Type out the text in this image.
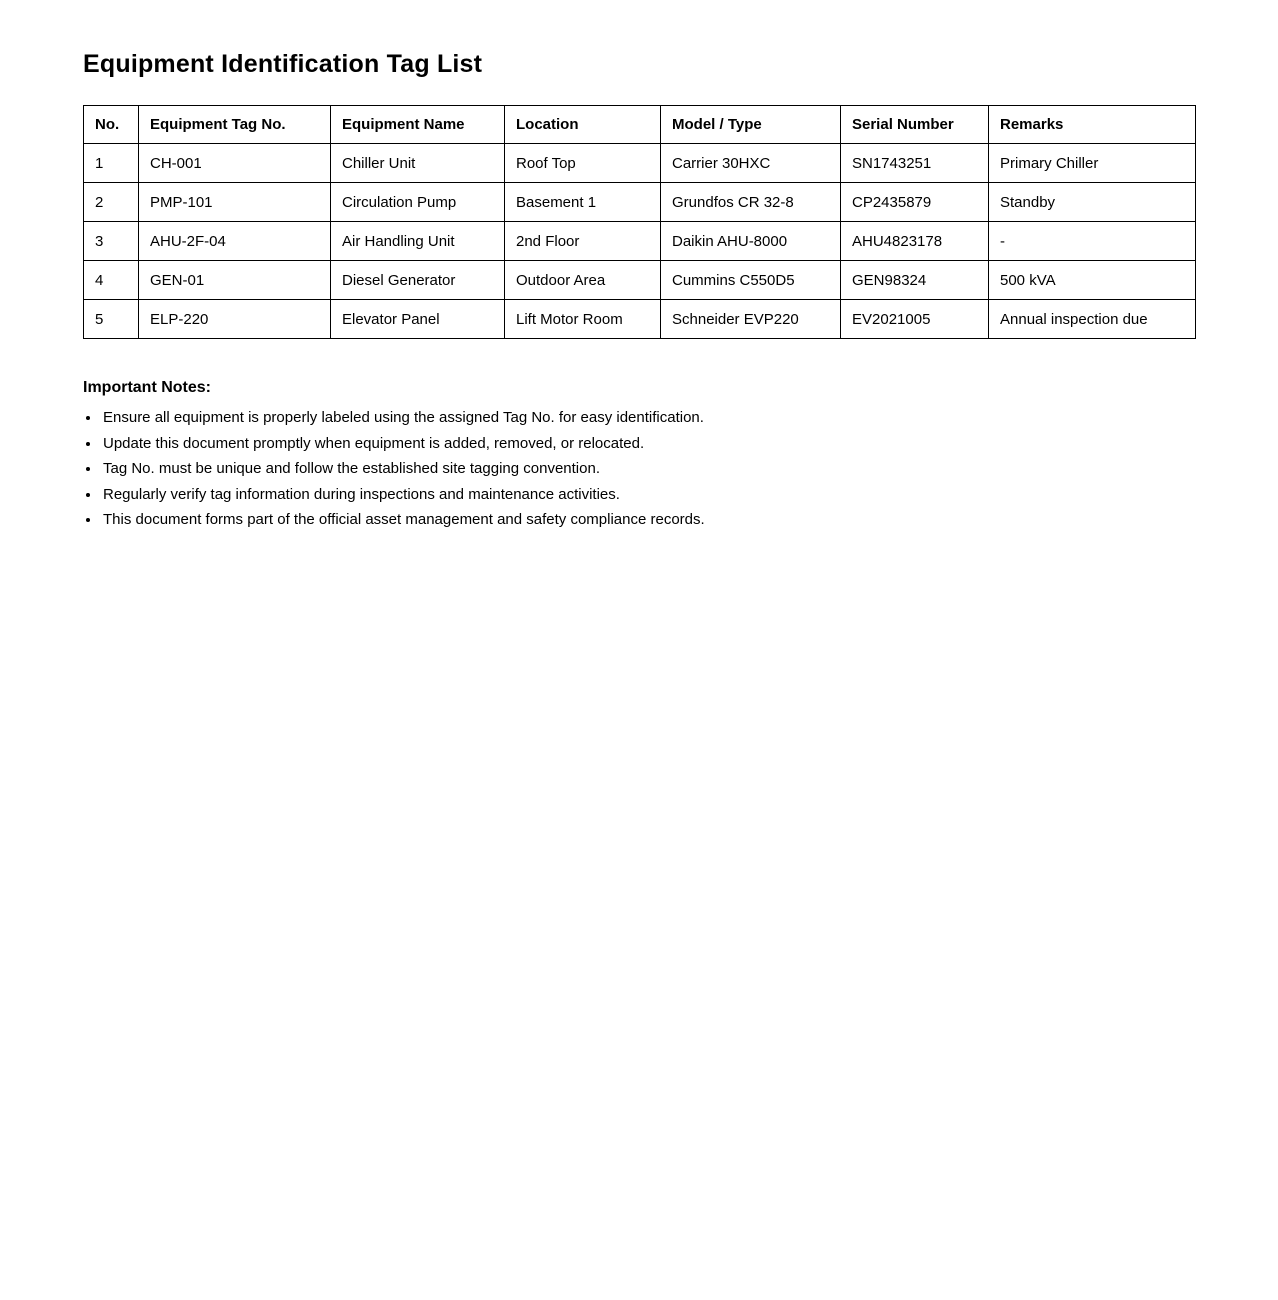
Equipment Identification Tag List
No.	Equipment Tag No.	Equipment Name	Location	Model / Type	Serial Number	Remarks
1	CH-001	Chiller Unit	Roof Top	Carrier 30HXC	SN1743251	Primary Chiller
2	PMP-101	Circulation Pump	Basement 1	Grundfos CR 32-8	CP2435879	Standby
3	AHU-2F-04	Air Handling Unit	2nd Floor	Daikin AHU-8000	AHU4823178	-
4	GEN-01	Diesel Generator	Outdoor Area	Cummins C550D5	GEN98324	500 kVA
5	ELP-220	Elevator Panel	Lift Motor Room	Schneider EVP220	EV2021005	Annual inspection due
Important Notes:
• Ensure all equipment is properly labeled using the assigned Tag No. for easy identification.
• Update this document promptly when equipment is added, removed, or relocated.
• Tag No. must be unique and follow the established site tagging convention.
• Regularly verify tag information during inspections and maintenance activities.
• This document forms part of the official asset management and safety compliance records.
